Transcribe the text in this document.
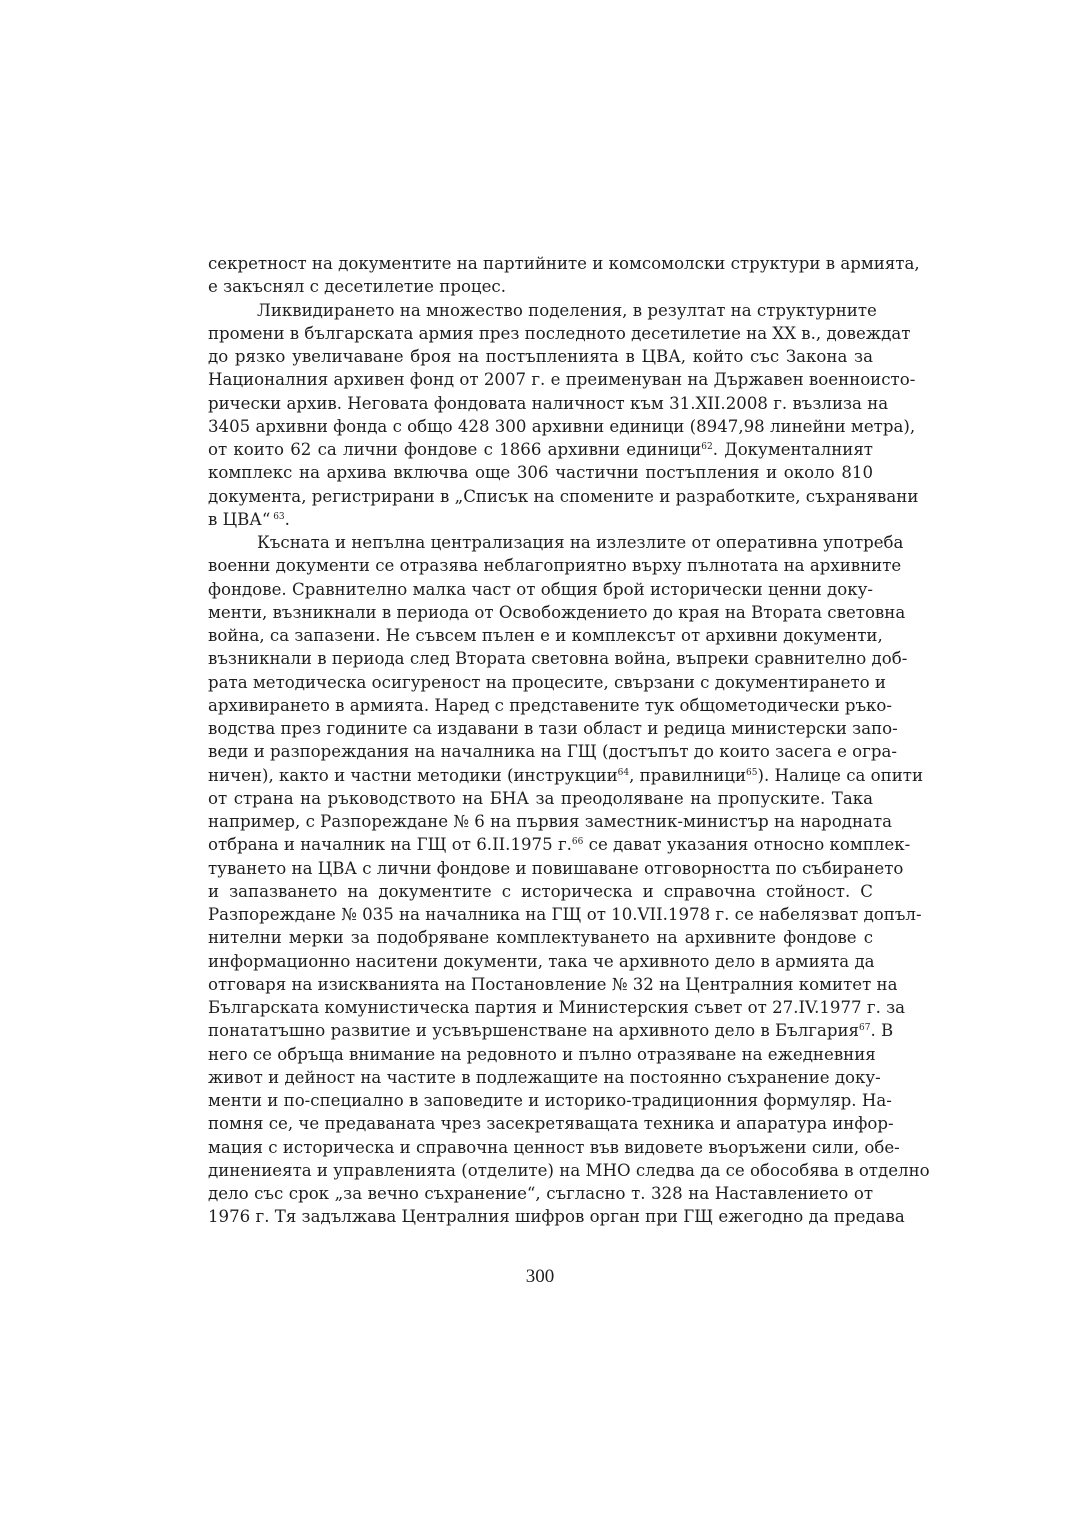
секретност на документите на партийните и комсомолски структури в армията,
е закъснял с десетилетие процес.
Ликвидирането на множество поделения, в резултат на структурните
промени в българската армия през последното десетилетие на XX в., довеждат
до рязко увеличаване броя на постъпленията в ЦВА, който със Закона за
Националния архивен фонд от 2007 г. е преименуван на Държавен военноисто-
рически архив. Неговата фондовата наличност към 31.XII.2008 г. възлиза на
3405 архивни фонда с общо 428 300 архивни единици (8947,98 линейни метра),
от които 62 са лични фондове с 1866 архивни единици$^{62}$. Документалният
комплекс на архива включва още 306 частични постъпления и около 810
документа, регистрирани в „Списък на спомените и разработките, съхранявани
в ЦВА“ $^{63}$.
Късната и непълна централизация на излезлите от оперативна употреба
военни документи се отразява неблагоприятно върху пълнотата на архивните
фондове. Сравнително малка част от общия брой исторически ценни доку-
менти, възникнали в периода от Освобождението до края на Втората световна
война, са запазени. Не съвсем пълен е и комплексът от архивни документи,
възникнали в периода след Втората световна война, въпреки сравнително доб-
рата методическа осигуреност на процесите, свързани с документирането и
архивирането в армията. Наред с представените тук общометодически ръко-
водства през годините са издавани в тази област и редица министерски запо-
веди и разпореждания на началника на ГЩ (достъпът до които засега е огра-
ничен), както и частни методики (инструкции$^{64}$, правилници$^{65}$). Налице са опити
от страна на ръководството на БНА за преодоляване на пропуските. Така
например, с Разпореждане № 6 на първия заместник-министър на народната
отбрана и началник на ГЩ от 6.II.1975 г.$^{66}$ се дават указания относно комплек-
туването на ЦВА с лични фондове и повишаване отговорността по събирането
и запазването на документите с историческа и справочна стойност. С
Разпореждане № 035 на началника на ГЩ от 10.VII.1978 г. се набелязват допъл-
нителни мерки за подобряване комплектуването на архивните фондове с
информационно наситени документи, така че архивното дело в армията да
отговаря на изискванията на Постановление № 32 на Централния комитет на
Българската комунистическа партия и Министерския съвет от 27.IV.1977 г. за
понататъшно развитие и усъвършенстване на архивното дело в България$^{67}$. В
него се обръща внимание на редовното и пълно отразяване на ежедневния
живот и дейност на частите в подлежащите на постоянно съхранение доку-
менти и по-специално в заповедите и историко-традиционния формуляр. На-
помня се, че предаваната чрез засекретяващата техника и апаратура инфор-
мация с историческа и справочна ценност във видовете въоръжени сили, обе-
динениеята и управленията (отделите) на МНО следва да се обособява в отделно
дело със срок „за вечно съхранение“, съгласно т. 328 на Наставлението от
1976 г. Тя задължава Централния шифров орган при ГЩ ежегодно да предава
300
